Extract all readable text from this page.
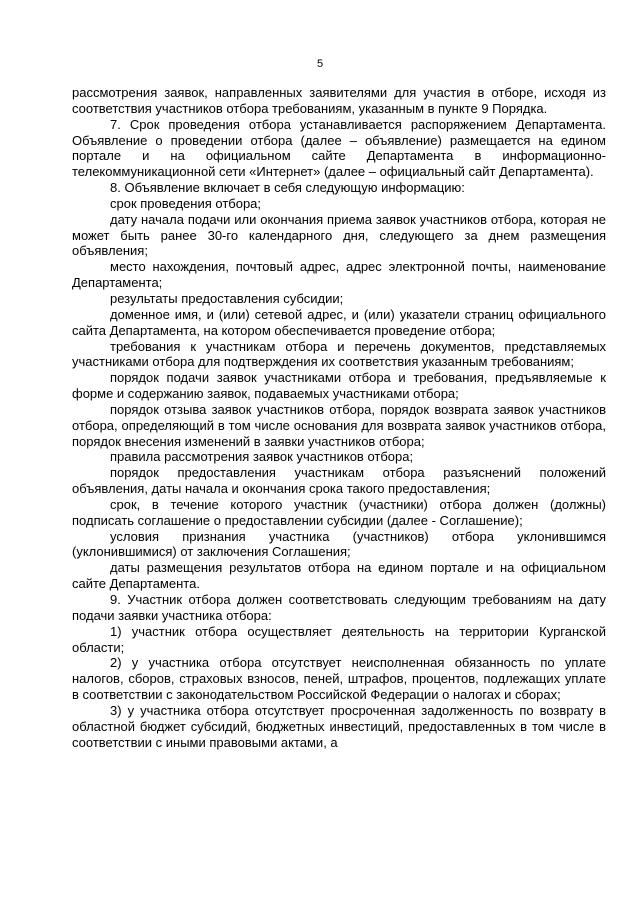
5

рассмотрения заявок, направленных заявителями для участия в отборе, исходя из соответствия участников отбора требованиям, указанным в пункте 9 Порядка.

7. Срок проведения отбора устанавливается распоряжением Департамента. Объявление о проведении отбора (далее – объявление) размещается на едином портале и на официальном сайте Департамента в информационно-телекоммуникационной сети «Интернет» (далее – официальный сайт Департамента).

8. Объявление включает в себя следующую информацию:

срок проведения отбора;

дату начала подачи или окончания приема заявок участников отбора, которая не может быть ранее 30-го календарного дня, следующего за днем размещения объявления;

место нахождения, почтовый адрес, адрес электронной почты, наименование Департамента;

результаты предоставления субсидии;

доменное имя, и (или) сетевой адрес, и (или) указатели страниц официального сайта Департамента, на котором обеспечивается проведение отбора;

требования к участникам отбора и перечень документов, представляемых участниками отбора для подтверждения их соответствия указанным требованиям;

порядок подачи заявок участниками отбора и требования, предъявляемые к форме и содержанию заявок, подаваемых участниками отбора;

порядок отзыва заявок участников отбора, порядок возврата заявок участников отбора, определяющий в том числе основания для возврата заявок участников отбора, порядок внесения изменений в заявки участников отбора;

правила рассмотрения заявок участников отбора;

порядок предоставления участникам отбора разъяснений положений объявления, даты начала и окончания срока такого предоставления;

срок, в течение которого участник (участники) отбора должен (должны) подписать соглашение о предоставлении субсидии (далее - Соглашение);

условия признания участника (участников) отбора уклонившимся (уклонившимися) от заключения Соглашения;

даты размещения результатов отбора на едином портале и на официальном сайте Департамента.

9. Участник отбора должен соответствовать следующим требованиям на дату подачи заявки участника отбора:

1) участник отбора осуществляет деятельность на территории Курганской области;

2) у участника отбора отсутствует неисполненная обязанность по уплате налогов, сборов, страховых взносов, пеней, штрафов, процентов, подлежащих уплате в соответствии с законодательством Российской Федерации о налогах и сборах;

3) у участника отбора отсутствует просроченная задолженность по возврату в областной бюджет субсидий, бюджетных инвестиций, предоставленных в том числе в соответствии с иными правовыми актами, а
